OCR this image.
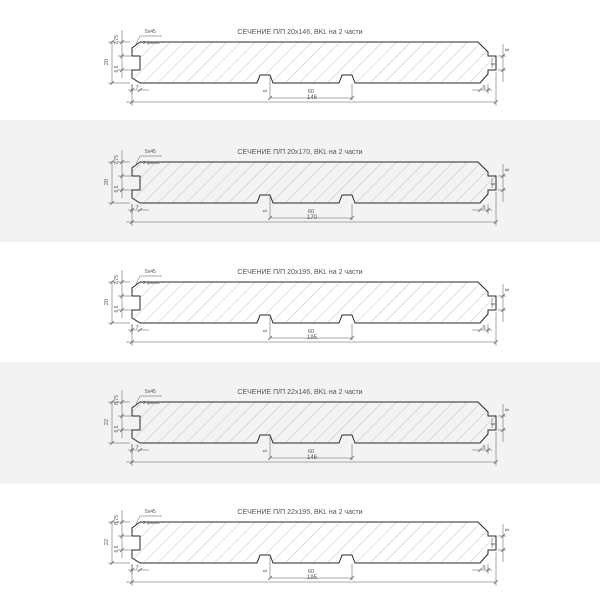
СЕЧЕНИЕ П/П 20х146, BKL на 2 части
20
7,75
6,5
5х45
2 фаски
7	5	60
6
146
8
6
СЕЧЕНИЕ П/П 20х170, BKL на 2 части
20
7,75
6,5
5х45
2 фаски
7	5	60
6
170
8
6
СЕЧЕНИЕ П/П 20х195, BKL на 2 части
20
7,75
6,5
5х45
2 фаски
7	5	60
6
195
8
6
СЕЧЕНИЕ П/П 22х146, BKL на 2 части
22
8,75
6,5
5х45
2 фаски
7	5	60
6
146
9
6
СЕЧЕНИЕ П/П 22х195, BKL на 2 части
22
8,75
6,5
5х45
2 фаски
7	5	60
6
195
9
6
